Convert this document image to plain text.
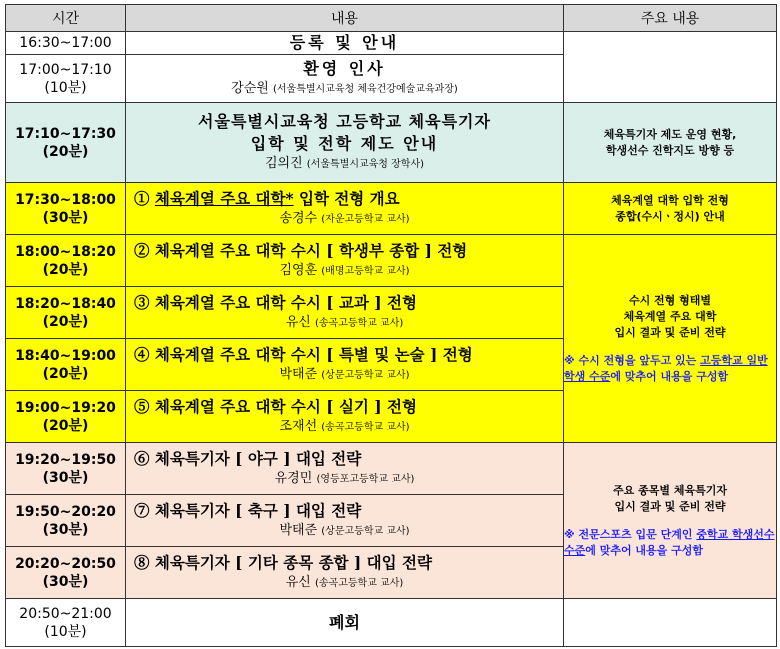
시간	내용	주요 내용

16:30~17:00	등록 및 안내	

17:00~17:10
(10분)	환영 인사
강순원 (서울특별시교육청 체육건강예술교육과장)	

17:10~17:30
(20분)	서울특별시교육청 고등학교 체육특기자
입학 및 전학 제도 안내
김의진 (서울특별시교육청 장학사)	체육특기자 제도 운영 현황,
학생선수 진학지도 방향 등

17:30~18:00
(30분)	① 체육계열 주요 대학* 입학 전형 개요
송경수 (자운고등학교 교사)	체육계열 대학 입학 전형
종합(수시ㆍ정시) 안내

18:00~18:20
(20분)	② 체육계열 주요 대학 수시 [ 학생부 종합 ] 전형
김영훈 (배명고등학교 교사)	수시 전형 형태별
체육계열 주요 대학
입시 결과 및 준비 전략
※ 수시 전형을 앞두고 있는 고등학교 일반학생 수준에 맞추어 내용을 구성함

18:20~18:40
(20분)	③ 체육계열 주요 대학 수시 [ 교과 ] 전형
유신 (송곡고등학교 교사)	

18:40~19:00
(20분)	④ 체육계열 주요 대학 수시 [ 특별 및 논술 ] 전형
박태준 (상문고등학교 교사)	

19:00~19:20
(20분)	⑤ 체육계열 주요 대학 수시 [ 실기 ] 전형
조재선 (송곡고등학교 교사)	

19:20~19:50
(30분)	⑥ 체육특기자 [ 야구 ] 대입 전략
유경민 (영등포고등학교 교사)	주요 종목별 체육특기자
입시 결과 및 준비 전략
※ 전문스포츠 입문 단계인 중학교 학생선수 수준에 맞추어 내용을 구성함

19:50~20:20
(30분)	⑦ 체육특기자 [ 축구 ] 대입 전략
박태준 (상문고등학교 교사)	

20:20~20:50
(30분)	⑧ 체육특기자 [ 기타 종목 종합 ] 대입 전략
유신 (송곡고등학교 교사)	

20:50~21:00
(10분)	폐회	
